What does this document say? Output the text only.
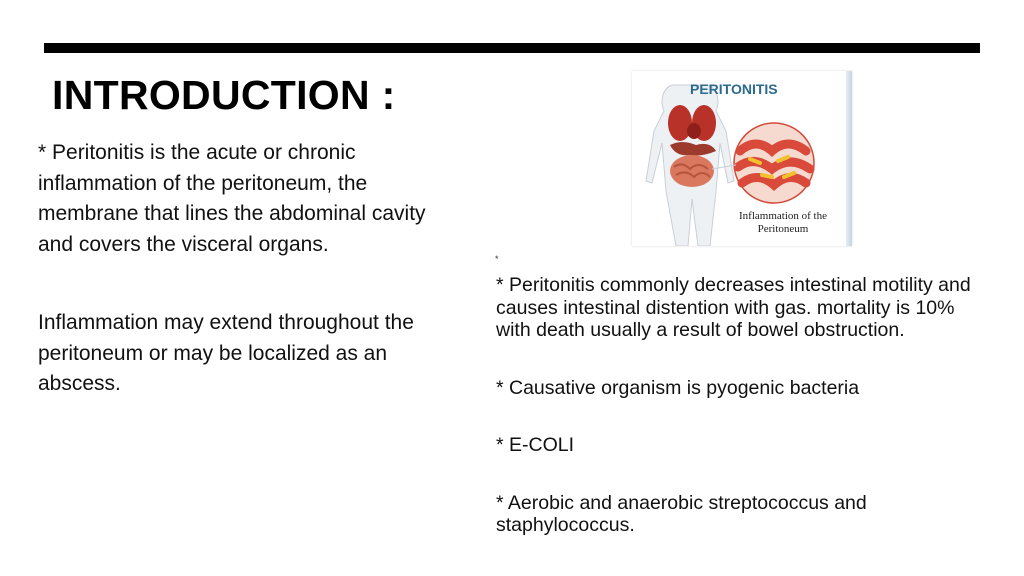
INTRODUCTION :

* Peritonitis is the acute or chronic inflammation of the peritoneum, the membrane that lines the abdominal cavity and covers the visceral organs.

Inflammation may extend throughout the peritoneum or may be localized as an abscess.

PERITONITIS
Inflammation of the Peritoneum
*

* Peritonitis commonly decreases intestinal motility and causes intestinal distention with gas. mortality is 10% with death usually a result of bowel obstruction.

* Causative organism is pyogenic bacteria

* E-COLI

* Aerobic and anaerobic streptococcus and staphylococcus.
